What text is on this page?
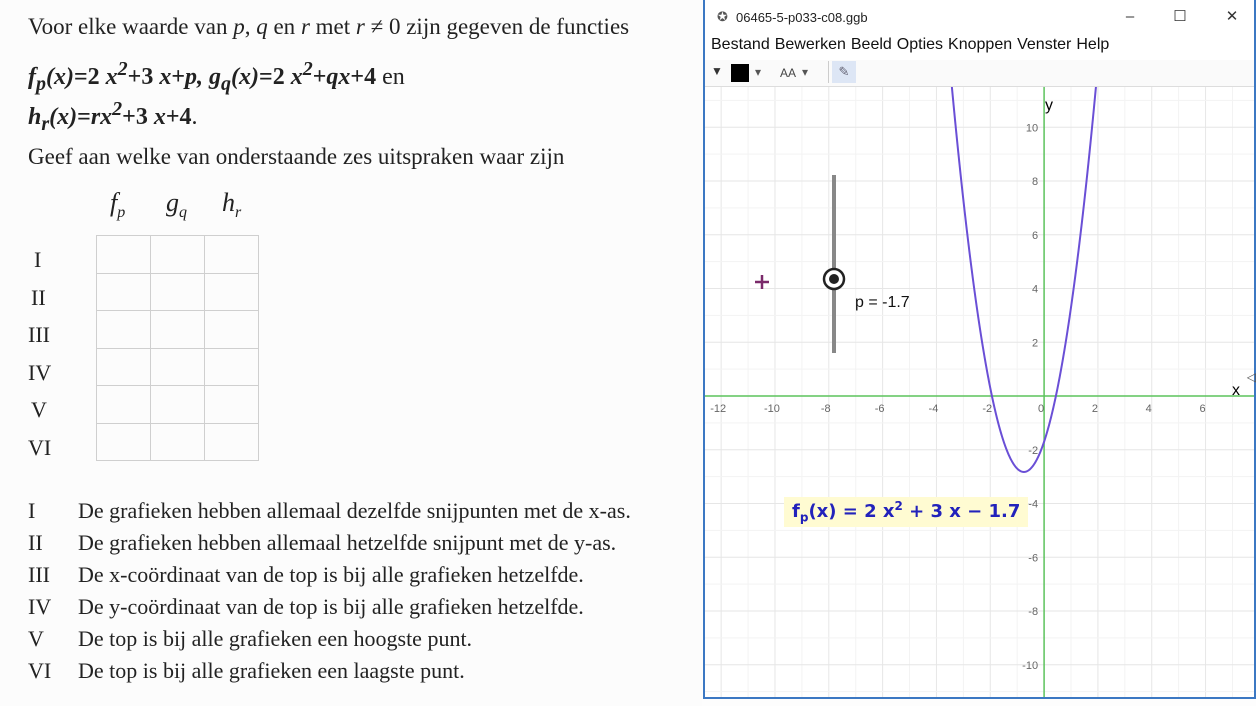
Voor elke waarde van p, q en r met r ≠ 0 zijn gegeven de functies
$f_p(x)=2$ $x^2+3$ x+p, $g_q(x)=2$ $x^2+qx+4$ en
$h_r(x)=rx^2+3$ x+4.
Geef aan welke van onderstaande zes uitspraken waar zijn
$f_p$ $g_q$ $h_r$
I
II
III
IV
V
VI

I De grafieken hebben allemaal dezelfde snijpunten met de x-as.
II De grafieken hebben allemaal hetzelfde snijpunt met de y-as.
III De x-coördinaat van de top is bij alle grafieken hetzelfde.
IV De y-coördinaat van de top is bij alle grafieken hetzelfde.
V De top is bij alle grafieken een hoogste punt.
VI De top is bij alle grafieken een laagste punt.
✪ 06465-5-p033-c08.ggb	–	☐	✕
Bestand Bewerken Beeld Opties Knoppen Venster Help
▼	▾ AA ▾	✎
-12	-10	-8	-6	-4	-2	0	2	4	6
10
8
6
4
2
-2
-4
-6
-8
-10
p = -1.7
y
x
$f_p(x) = 2$ $x^2 + 3$ x − 1.7
◁
